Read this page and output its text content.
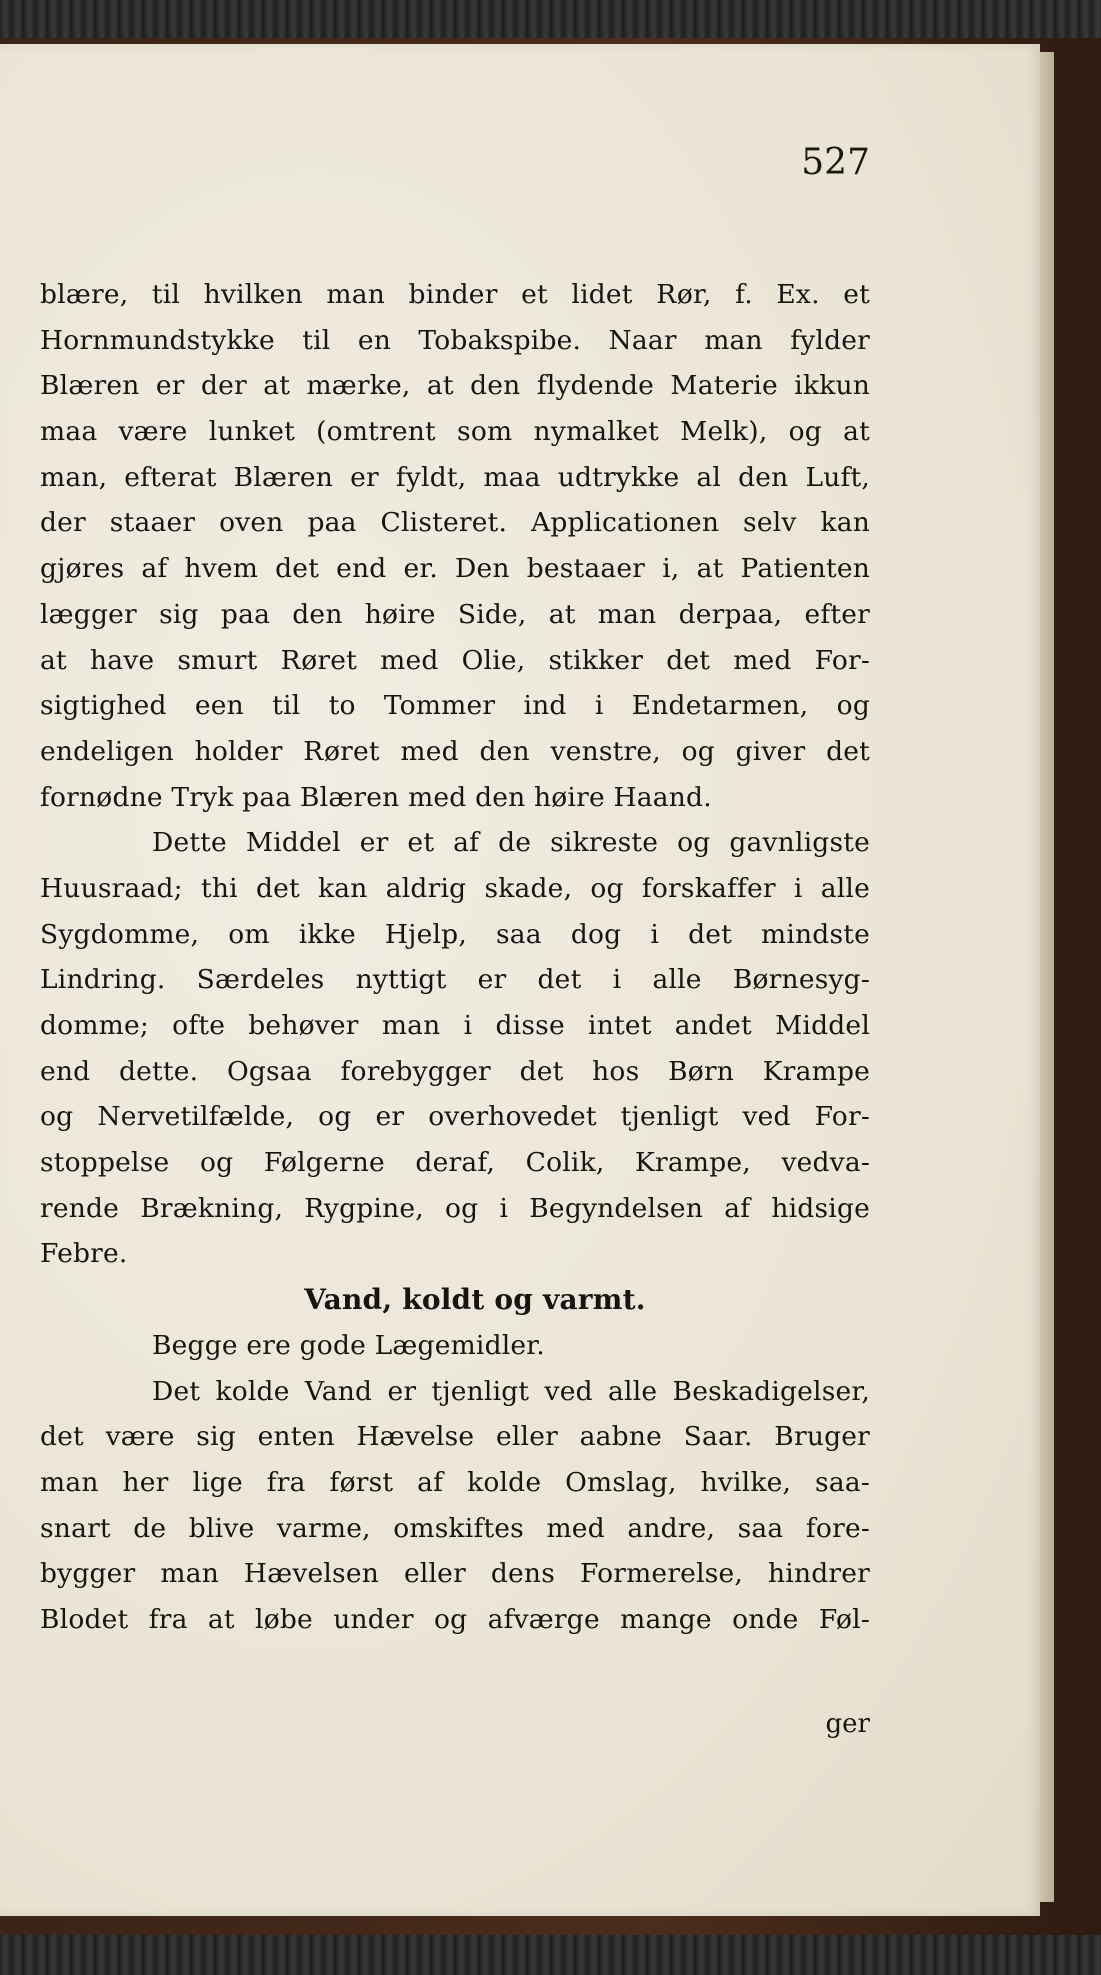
527
blære, til hvilken man binder et lidet Rør, f. Ex. et
Hornmundstykke til en Tobakspibe. Naar man fylder
Blæren er der at mærke, at den flydende Materie ikkun
maa være lunket (omtrent som nymalket Melk), og at
man, efterat Blæren er fyldt, maa udtrykke al den Luft,
der staaer oven paa Clisteret. Applicationen selv kan
gjøres af hvem det end er. Den bestaaer i, at Patienten
lægger sig paa den høire Side, at man derpaa, efter
at have smurt Røret med Olie, stikker det med For-
sigtighed een til to Tommer ind i Endetarmen, og
endeligen holder Røret med den venstre, og giver det
fornødne Tryk paa Blæren med den høire Haand.
Dette Middel er et af de sikreste og gavnligste
Huusraad; thi det kan aldrig skade, og forskaffer i alle
Sygdomme, om ikke Hjelp, saa dog i det mindste
Lindring. Særdeles nyttigt er det i alle Børnesyg-
domme; ofte behøver man i disse intet andet Middel
end dette. Ogsaa forebygger det hos Børn Krampe
og Nervetilfælde, og er overhovedet tjenligt ved For-
stoppelse og Følgerne deraf, Colik, Krampe, vedva-
rende Brækning, Rygpine, og i Begyndelsen af hidsige
Febre.
Vand, koldt og varmt.
Begge ere gode Lægemidler.
Det kolde Vand er tjenligt ved alle Beskadigelser,
det være sig enten Hævelse eller aabne Saar. Bruger
man her lige fra først af kolde Omslag, hvilke, saa-
snart de blive varme, omskiftes med andre, saa fore-
bygger man Hævelsen eller dens Formerelse, hindrer
Blodet fra at løbe under og afværge mange onde Føl-
ger
